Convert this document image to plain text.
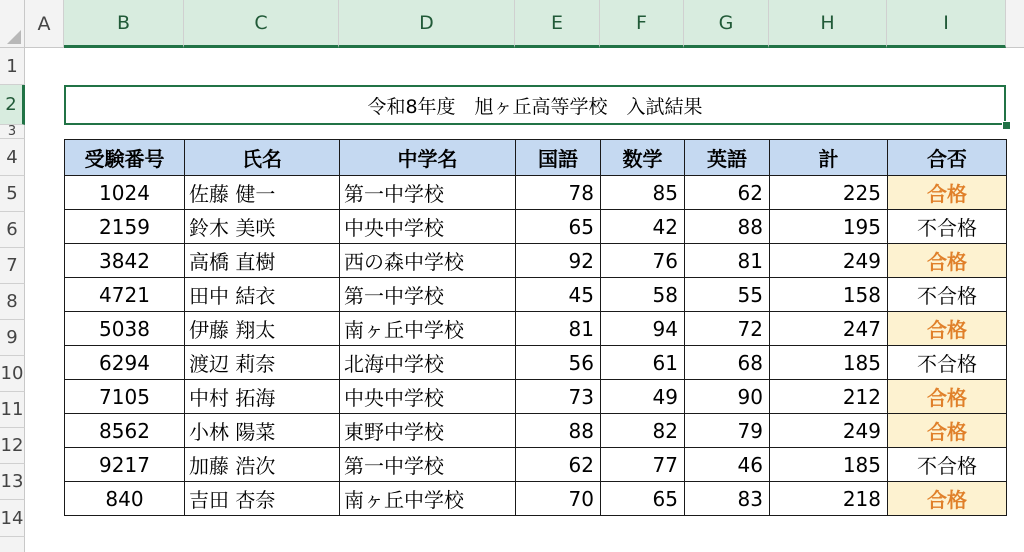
A	B	C	D	E	F	G	H	I
1
2
3
4
5
6
7
8
9
10
11
12
13
14
令和8年度　旭ヶ丘高等学校　入試結果
受験番号	氏名	中学名	国語	数学	英語	計	合否
1024	佐藤 健一	第一中学校	78	85	62	225	合格
2159	鈴木 美咲	中央中学校	65	42	88	195	不合格
3842	高橋 直樹	西の森中学校	92	76	81	249	合格
4721	田中 結衣	第一中学校	45	58	55	158	不合格
5038	伊藤 翔太	南ヶ丘中学校	81	94	72	247	合格
6294	渡辺 莉奈	北海中学校	56	61	68	185	不合格
7105	中村 拓海	中央中学校	73	49	90	212	合格
8562	小林 陽菜	東野中学校	88	82	79	249	合格
9217	加藤 浩次	第一中学校	62	77	46	185	不合格
840	吉田 杏奈	南ヶ丘中学校	70	65	83	218	合格
